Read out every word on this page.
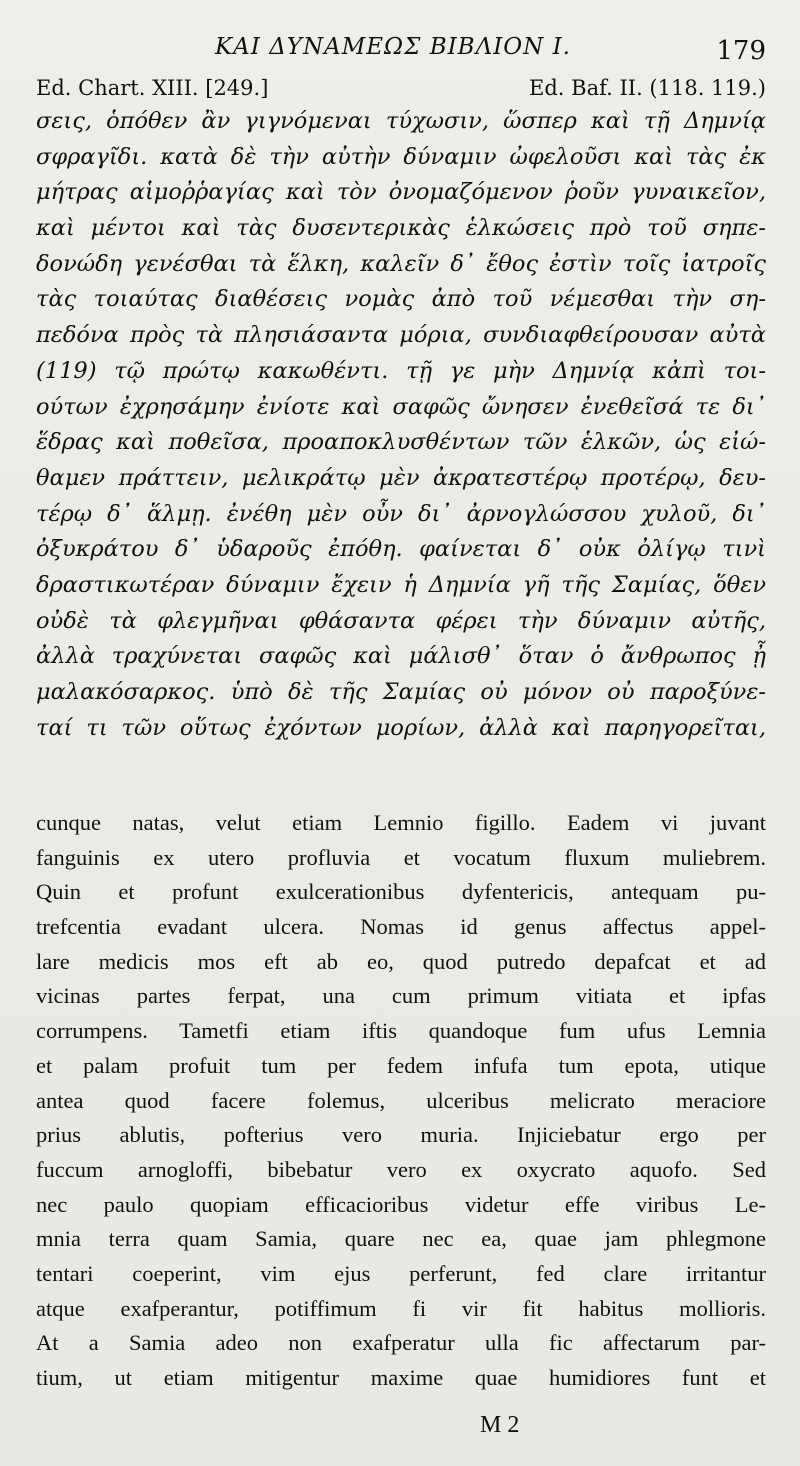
ΚΑΙ ΔΥΝΑΜΕΩΣ ΒΙΒΛΙΟΝ Ι.	179
Ed. Chart. XIII. [249.]	Ed. Baf. II. (118. 119.)
σεις, ὁπόθεν ἂν γιγνόμεναι τύχωσιν, ὥσπερ καὶ τῇ Δημνίᾳ
σφραγῖδι. κατὰ δὲ τὴν αὐτὴν δύναμιν ὠφελοῦσι καὶ τὰς ἐκ
μήτρας αἱμοῤῥαγίας καὶ τὸν ὀνομαζόμενον ῥοῦν γυναικεῖον,
καὶ μέντοι καὶ τὰς δυσεντερικὰς ἑλκώσεις πρὸ τοῦ σηπε-
δονώδη γενέσθαι τὰ ἕλκη, καλεῖν δ᾽ ἔθος ἐστὶν τοῖς ἰατροῖς
τὰς τοιαύτας διαθέσεις νομὰς ἀπὸ τοῦ νέμεσθαι τὴν ση-
πεδόνα πρὸς τὰ πλησιάσαντα μόρια, συνδιαφθείρουσαν αὐτὰ
(119) τῷ πρώτῳ κακωθέντι. τῇ γε μὴν Δημνίᾳ κἀπὶ τοι-
ούτων ἐχρησάμην ἐνίοτε καὶ σαφῶς ὤνησεν ἐνεθεῖσά τε δι᾽
ἕδρας καὶ ποθεῖσα, προαποκλυσθέντων τῶν ἑλκῶν, ὡς εἰώ-
θαμεν πράττειν, μελικράτῳ μὲν ἀκρατεστέρῳ προτέρῳ, δευ-
τέρῳ δ᾽ ἅλμῃ. ἐνέθη μὲν οὖν δι᾽ ἀρνογλώσσου χυλοῦ, δι᾽
ὀξυκράτου δ᾽ ὑδαροῦς ἐπόθη. φαίνεται δ᾽ οὐκ ὀλίγῳ τινὶ
δραστικωτέραν δύναμιν ἔχειν ἡ Δημνία γῆ τῆς Σαμίας, ὅθεν
οὐδὲ τὰ φλεγμῆναι φθάσαντα φέρει τὴν δύναμιν αὐτῆς,
ἀλλὰ τραχύνεται σαφῶς καὶ μάλισθ᾽ ὅταν ὁ ἄνθρωπος ᾖ
μαλακόσαρκος. ὑπὸ δὲ τῆς Σαμίας οὐ μόνον οὐ παροξύνε-
ταί τι τῶν οὕτως ἐχόντων μορίων, ἀλλὰ καὶ παρηγορεῖται,
cunque natas, velut etiam Lemnio figillo. Eadem vi juvant
fanguinis ex utero profluvia et vocatum fluxum muliebrem.
Quin et profunt exulcerationibus dyfentericis, antequam pu-
trefcentia evadant ulcera. Nomas id genus affectus appel-
lare medicis mos eft ab eo, quod putredo depafcat et ad
vicinas partes ferpat, una cum primum vitiata et ipfas
corrumpens. Tametfi etiam iftis quandoque fum ufus Lemnia
et palam profuit tum per fedem infufa tum epota, utique
antea quod facere folemus, ulceribus melicrato meraciore
prius ablutis, pofterius vero muria. Injiciebatur ergo per
fuccum arnogloffi, bibebatur vero ex oxycrato aquofo. Sed
nec paulo quopiam efficacioribus videtur effe viribus Le-
mnia terra quam Samia, quare nec ea, quae jam phlegmone
tentari coeperint, vim ejus perferunt, fed clare irritantur
atque exafperantur, potiffimum fi vir fit habitus mollioris.
At a Samia adeo non exafperatur ulla fic affectarum par-
tium, ut etiam mitigentur maxime quae humidiores funt et
M 2
